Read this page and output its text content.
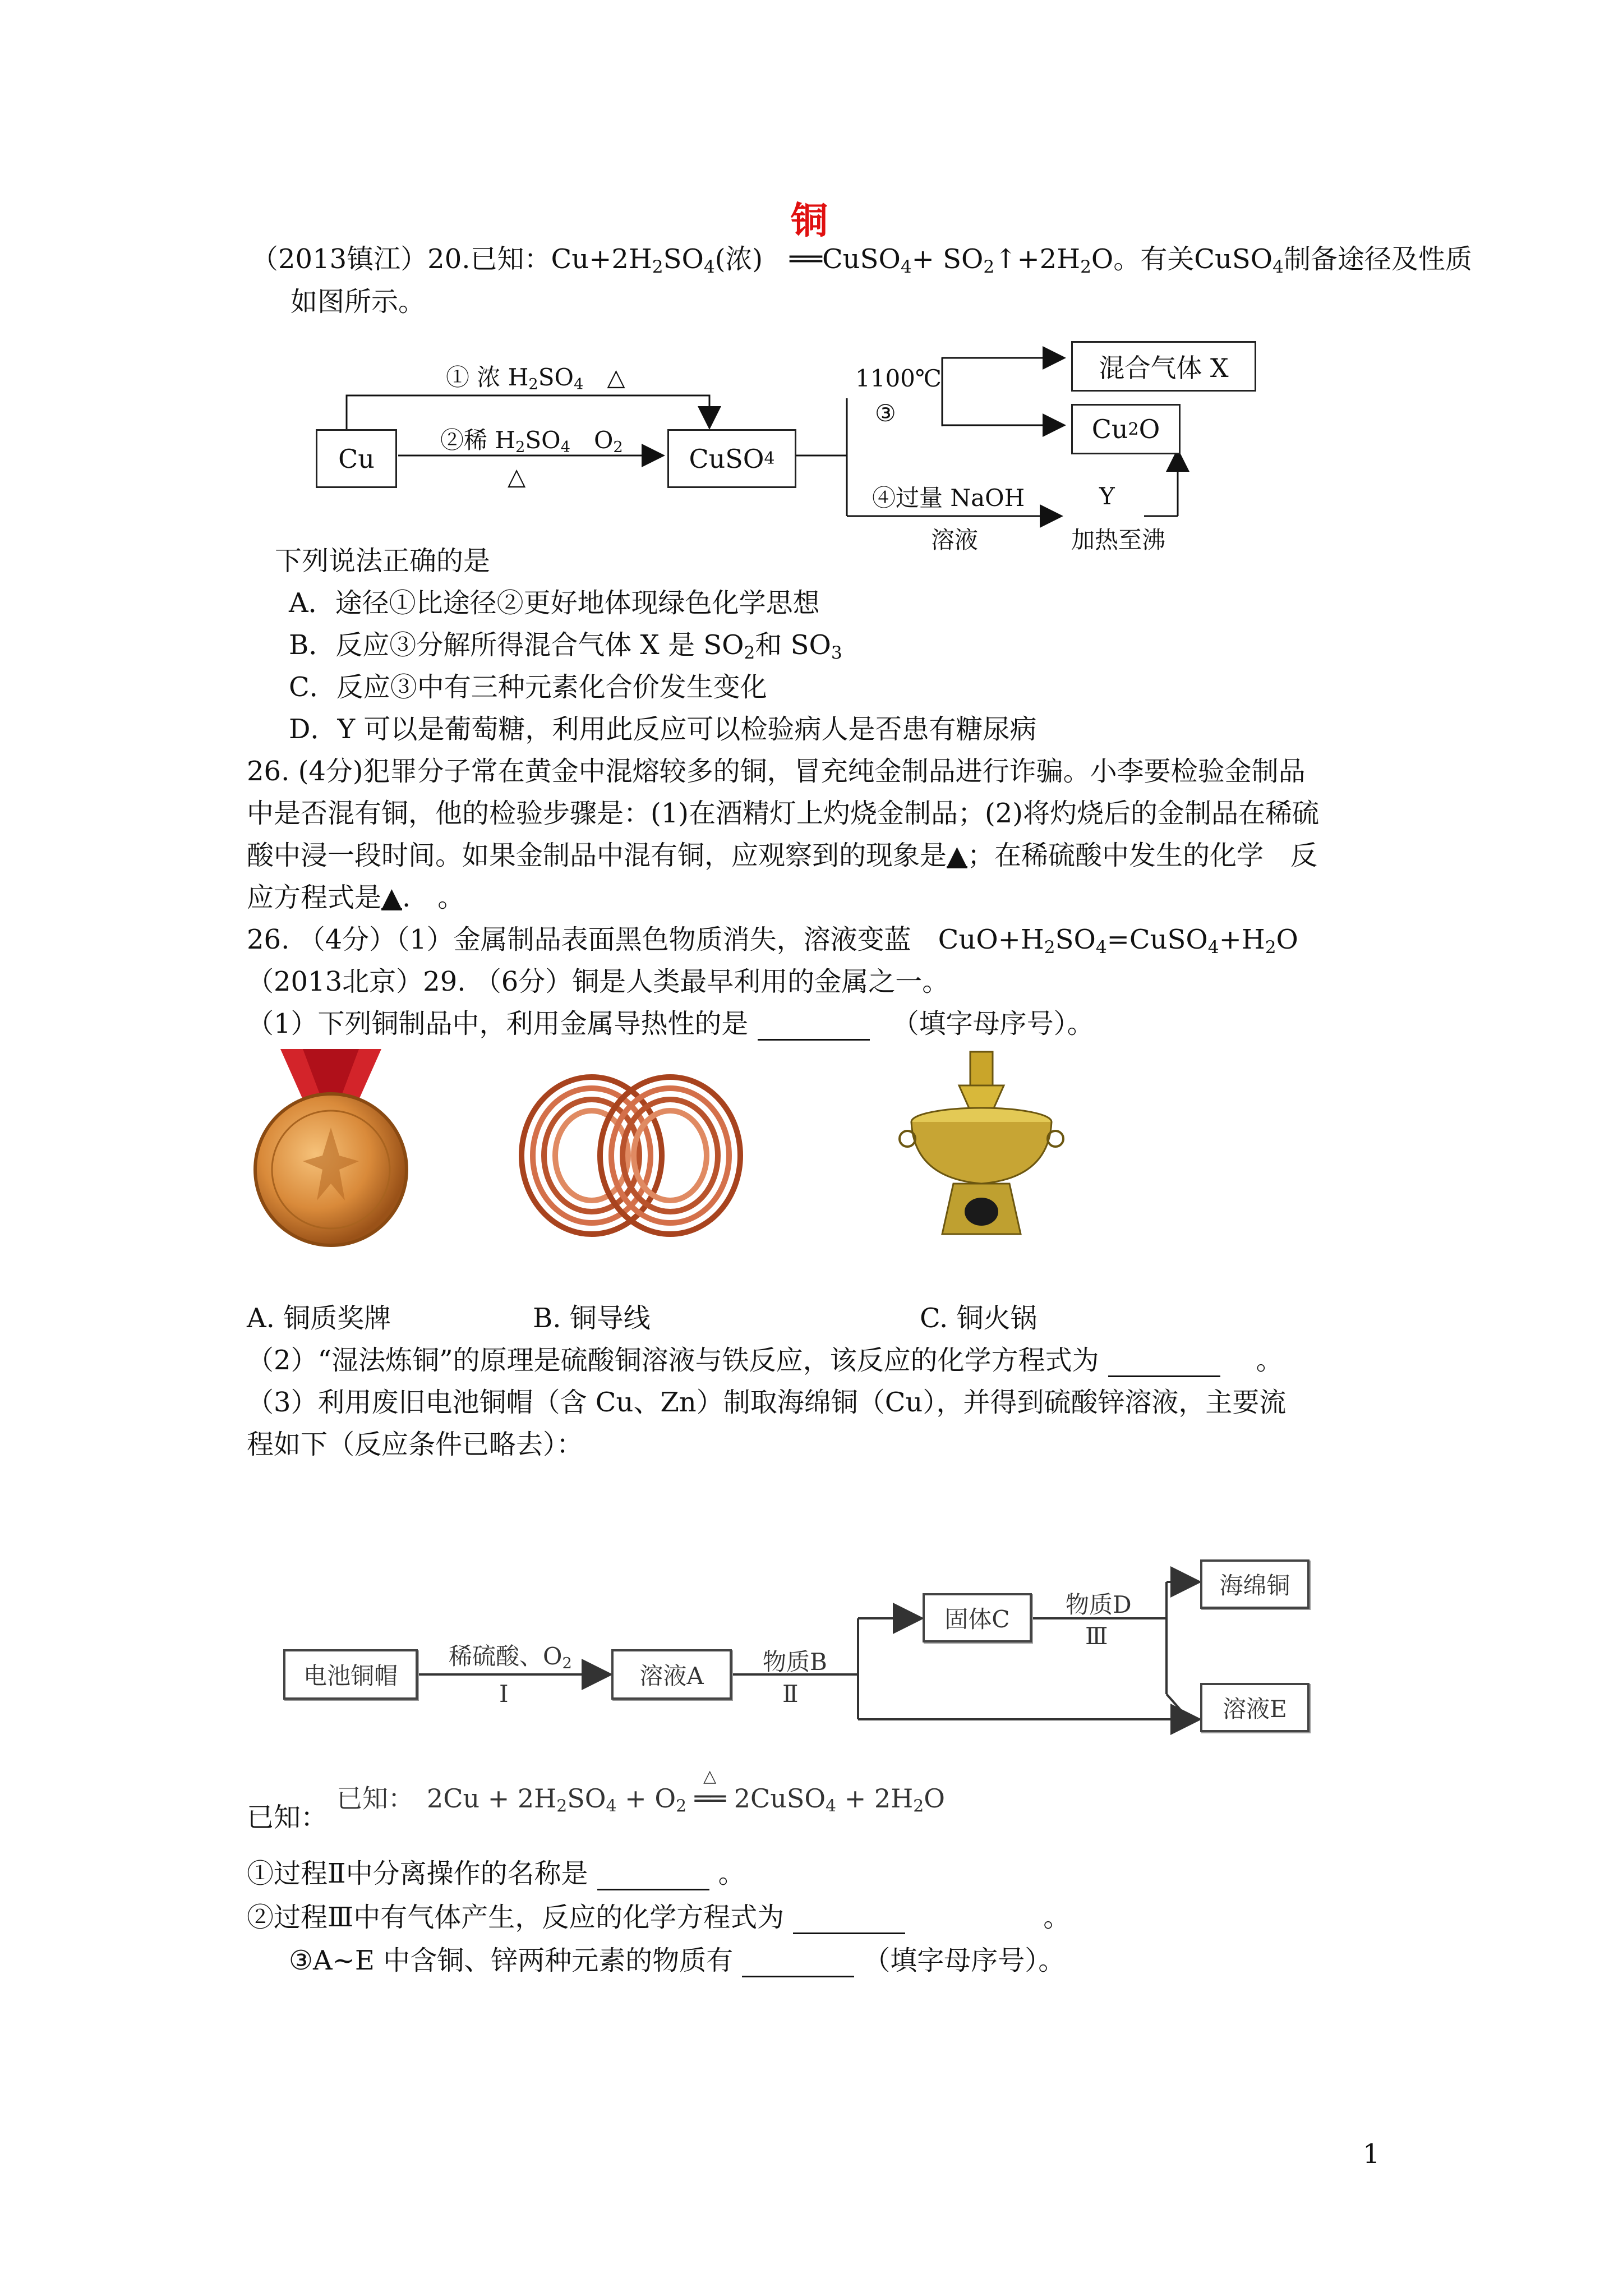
铜
（2013镇江）20.已知：$Cu+2H_2SO_4$(浓)　══CuSO$_4$+ $SO_2↑+2H_2O$。有关CuSO$_4$制备途径及性质
如图所示。
Cu	CuSO 4
混合气体 X
Cu 2 O
① 浓 $H_2SO_4$　 △
②稀 $H_2SO_4$　 $O_2$
△
1100℃
③
④过量 NaOH
溶液
Y
加热至沸
下列说法正确的是
A．途径①比途径②更好地体现绿色化学思想
B．反应③分解所得混合气体 X 是 $SO_2$和 $SO_3$
C．反应③中有三种元素化合价发生变化
D．Y 可以是葡萄糖，利用此反应可以检验病人是否患有糖尿病
26. (4分)犯罪分子常在黄金中混熔较多的铜，冒充纯金制品进行诈骗。小李要检验金制品
中是否混有铜，他的检验步骤是：(1)在酒精灯上灼烧金制品；(2)将灼烧后的金制品在稀硫
酸中浸一段时间。如果金制品中混有铜，应观察到的现象是▲；在稀硫酸中发生的化学　反
应方程式是▲.　。
26. （4分）（1）金属制品表面黑色物质消失，溶液变蓝　$CuO+H_2SO_4=CuSO_4+H_2O$
（2013北京）29. （6分）铜是人类最早利用的金属之一。
（1）下列铜制品中，利用金属导热性的是　	（填字母序号）。
A. 铜质奖牌	B. 铜导线	C. 铜火锅
（2）“湿法炼铜”的原理是硫酸铜溶液与铁反应，该反应的化学方程式为　	。
（3）利用废旧电池铜帽（含 Cu、Zn）制取海绵铜（Cu），并得到硫酸锌溶液，主要流
程如下（反应条件已略去）：
电池铜帽	溶液A
固体C
海绵铜
溶液E
稀硫酸、$O_2$
Ⅰ
物质B
Ⅱ
物质D
Ⅲ
已知：
已知：　 $2Cu + 2H_2SO_4 + O_2$
△
══ 2CuSO$_4$ + $2H_2O$
①过程Ⅱ中分离操作的名称是	。
②过程Ⅲ中有气体产生，反应的化学方程式为	。
③A~E 中含铜、锌两种元素的物质有	（填字母序号）。
1
